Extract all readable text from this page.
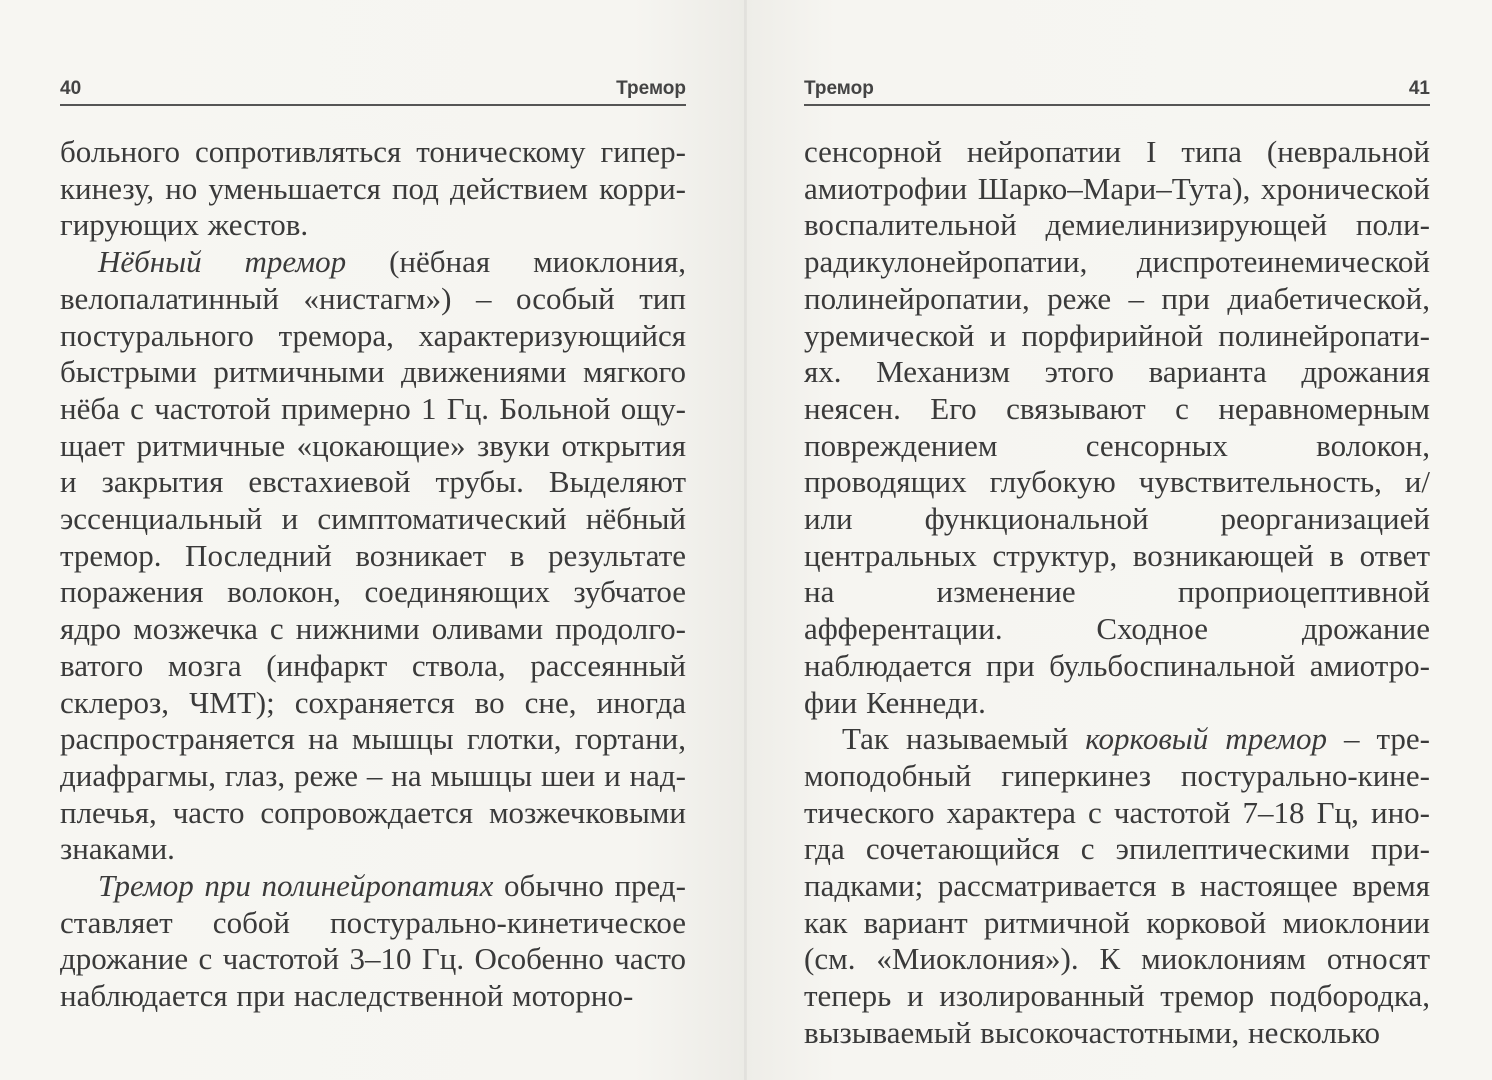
40	Тремор

больного сопротивляться тоническому гиперкинезу, но уменьшается под действием корригирующих жестов.

Нёбный тремор (нёбная миоклония, велопалатинный «нистагм») – особый тип постурального тремора, характеризующийся быстрыми ритмичными движениями мягкого нёба с частотой примерно 1 Гц. Больной ощущает ритмичные «цокающие» звуки открытия и закрытия евстахиевой трубы. Выделяют эссенциальный и симптоматический нёбный тремор. Последний возникает в результате поражения волокон, соединяющих зубчатое ядро мозжечка с нижними оливами продолговатого мозга (инфаркт ствола, рассеянный склероз, ЧМТ); сохраняется во сне, иногда распространяется на мышцы глотки, гортани, диафрагмы, глаз, реже – на мышцы шеи и надплечья, часто сопровождается мозжечковыми знаками.

Тремор при полинейропатиях обычно представляет собой постурально-кинетическое дрожание с частотой 3–10 Гц. Особенно часто наблюдается при наследственной моторно-

Тремор	41

сенсорной нейропатии I типа (невральной амиотрофии Шарко–Мари–Тута), хронической воспалительной демиелинизирующей полирадикулонейропатии, диспротеинемической полинейропатии, реже – при диабетической, уремической и порфирийной полинейропатиях. Механизм этого варианта дрожания неясен. Его связывают с неравномерным повреждением сенсорных волокон, проводящих глубокую чувствительность, и/или функциональной реорганизацией центральных структур, возникающей в ответ на изменение проприоцептивной афферентации. Сходное дрожание наблюдается при бульбоспинальной амиотрофии Кеннеди.

Так называемый корковый тремор – тремоподобный гиперкинез постурально-кинетического характера с частотой 7–18 Гц, иногда сочетающийся с эпилептическими припадками; рассматривается в настоящее время как вариант ритмичной корковой миоклонии (см. «Миоклония»). К миоклониям относят теперь и изолированный тремор подбородка, вызываемый высокочастотными, несколько
